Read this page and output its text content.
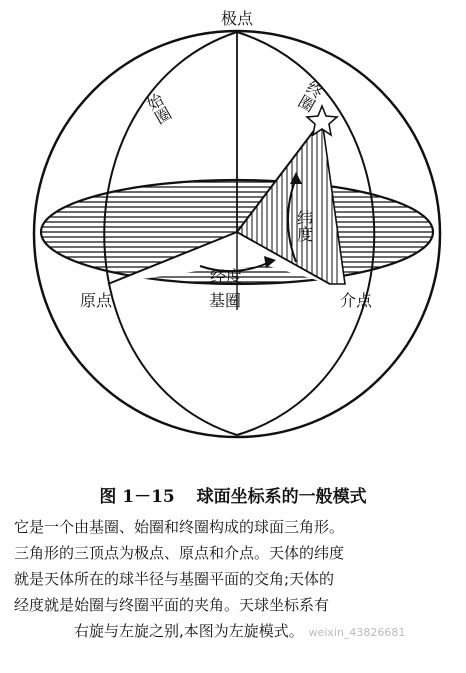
极点
原点	介点
基圈
经度
纬度
始圈	终圈
图 1－15 球面坐标系的一般模式
它是一个由基圈、始圈和终圈构成的球面三角形。
三角形的三顶点为极点、原点和介点。天体的纬度
就是天体所在的球半径与基圈平面的交角;天体的
经度就是始圈与终圈平面的夹角。天球坐标系有
右旋与左旋之别,本图为左旋模式。 weixin_43826681
